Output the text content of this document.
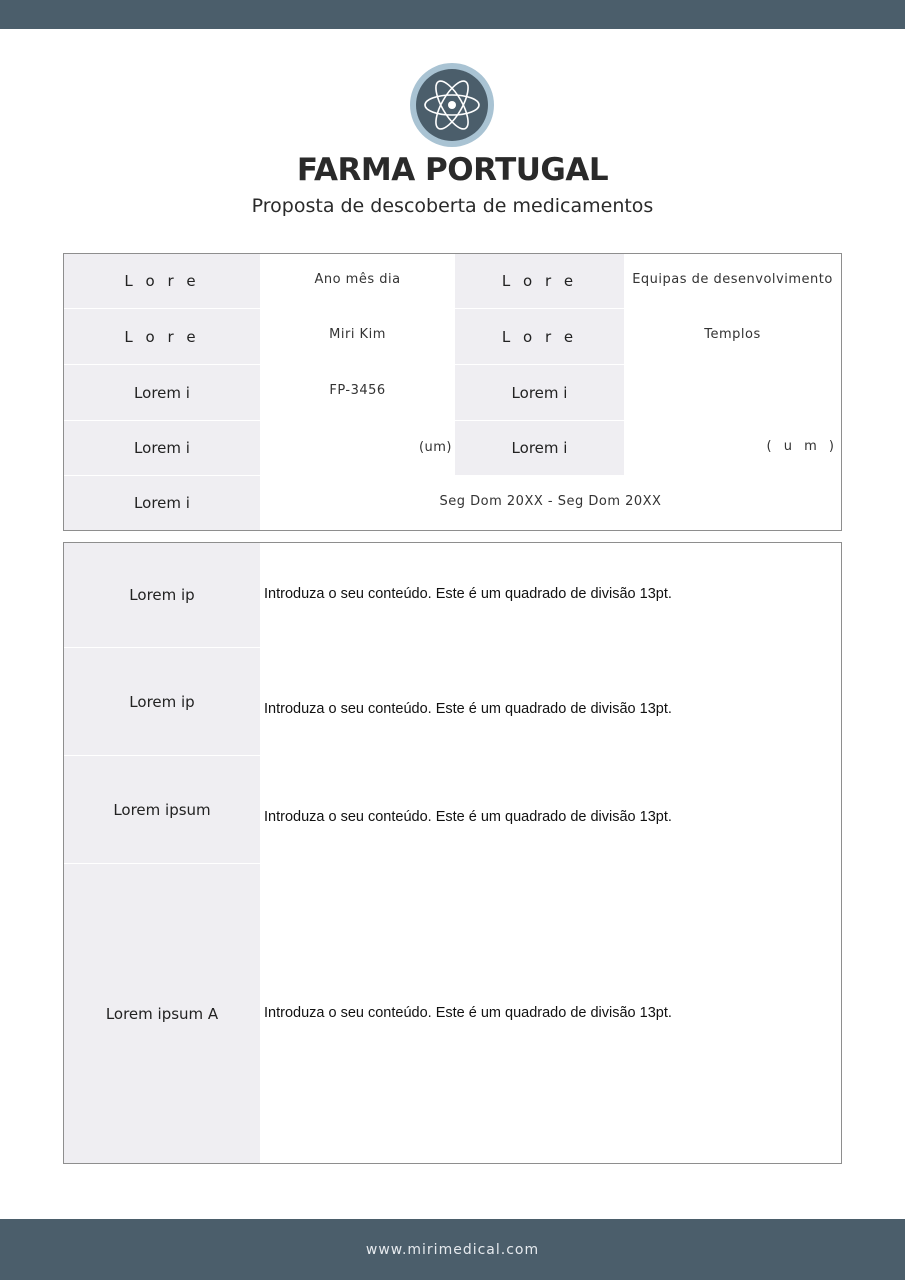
FARMA PORTUGAL
Proposta de descoberta de medicamentos
L o r e	Ano mês dia	L o r e	Equipas de desenvolvimento
L o r e	Miri Kim	L o r e	Templos
Lorem i	FP-3456	Lorem i
Lorem i	(um)	Lorem i	( u m )
Lorem i	Seg Dom 20XX - Seg Dom 20XX
Lorem ip	Introduza o seu conteúdo. Este é um quadrado de divisão 13pt.
Lorem ip	Introduza o seu conteúdo. Este é um quadrado de divisão 13pt.
Lorem ipsum	Introduza o seu conteúdo. Este é um quadrado de divisão 13pt.
Lorem ipsum A	Introduza o seu conteúdo. Este é um quadrado de divisão 13pt.
www.mirimedical.com
